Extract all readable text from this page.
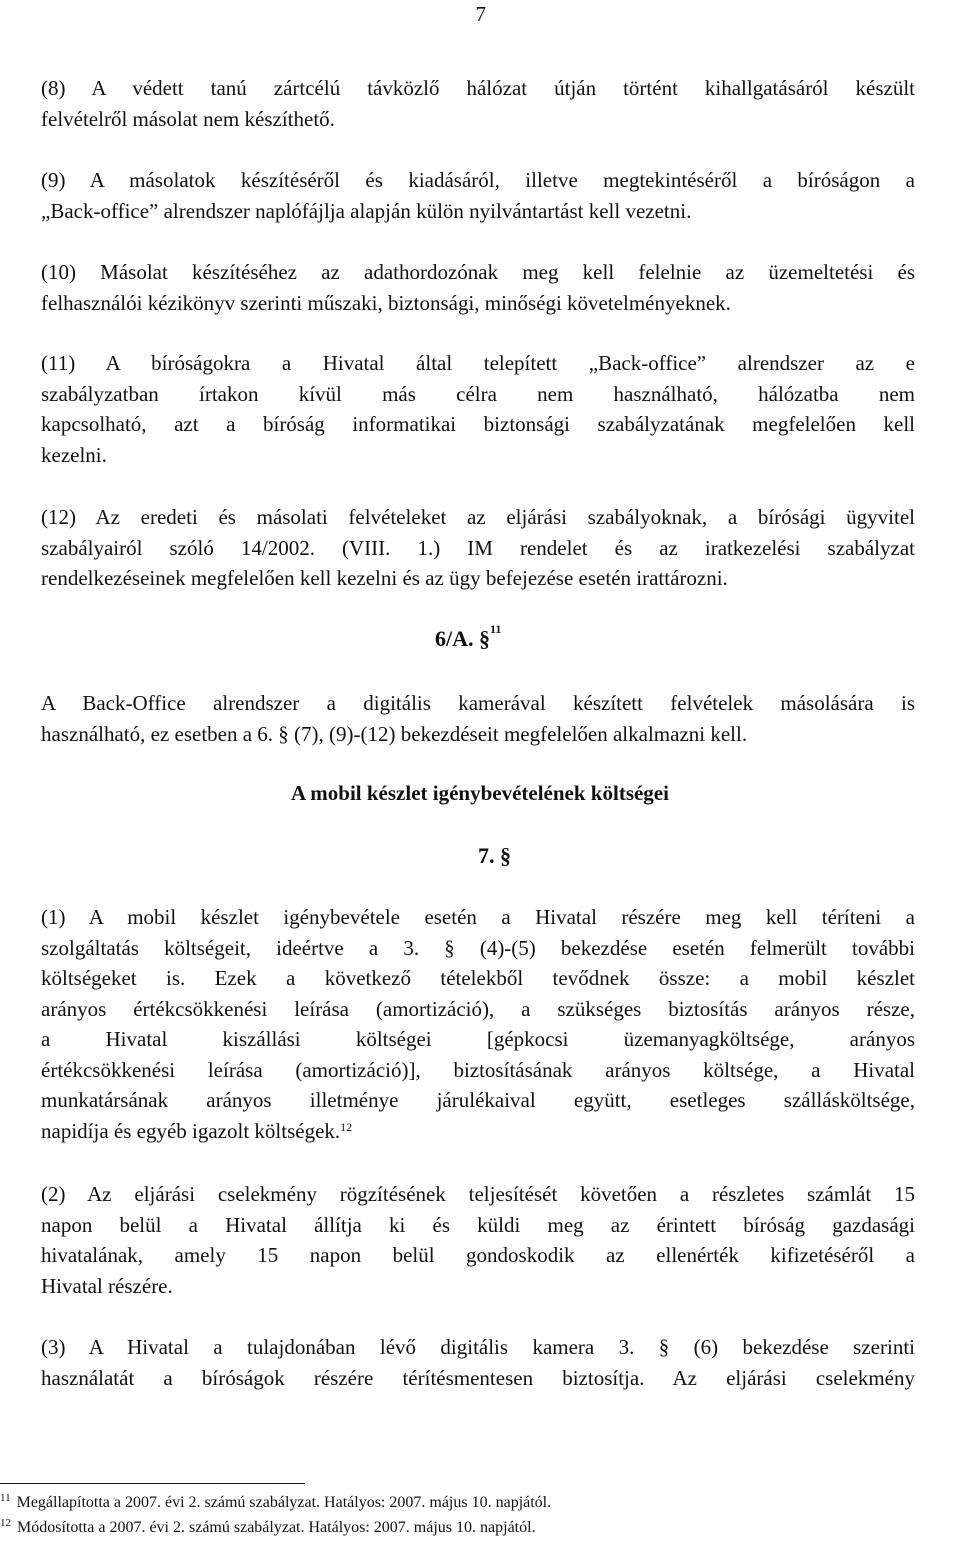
7
(8) A védett tanú zártcélú távközlő hálózat útján történt kihallgatásáról készült
felvételről másolat nem készíthető.
(9) A másolatok készítéséről és kiadásáról, illetve megtekintéséről a bíróságon a
„Back-office” alrendszer naplófájlja alapján külön nyilvántartást kell vezetni.
(10) Másolat készítéséhez az adathordozónak meg kell felelnie az üzemeltetési és
felhasználói kézikönyv szerinti műszaki, biztonsági, minőségi követelményeknek.
(11) A bíróságokra a Hivatal által telepített „Back-office” alrendszer az e
szabályzatban írtakon kívül más célra nem használható, hálózatba nem
kapcsolható, azt a bíróság informatikai biztonsági szabályzatának megfelelően kell
kezelni.
(12) Az eredeti és másolati felvételeket az eljárási szabályoknak, a bírósági ügyvitel
szabályairól szóló 14/2002. (VIII. 1.) IM rendelet és az iratkezelési szabályzat
rendelkezéseinek megfelelően kell kezelni és az ügy befejezése esetén irattározni.
6/A. §$^{11}$
A Back-Office alrendszer a digitális kamerával készített felvételek másolására is
használható, ez esetben a 6. § (7), (9)-(12) bekezdéseit megfelelően alkalmazni kell.
A mobil készlet igénybevételének költségei
7. §
(1) A mobil készlet igénybevétele esetén a Hivatal részére meg kell téríteni a
szolgáltatás költségeit, ideértve a 3. § (4)-(5) bekezdése esetén felmerült további
költségeket is. Ezek a következő tételekből tevődnek össze: a mobil készlet
arányos értékcsökkenési leírása (amortizáció), a szükséges biztosítás arányos része,
a Hivatal kiszállási költségei [gépkocsi üzemanyagköltsége, arányos
értékcsökkenési leírása (amortizáció)], biztosításának arányos költsége, a Hivatal
munkatársának arányos illetménye járulékaival együtt, esetleges szállásköltsége,
napidíja és egyéb igazolt költségek.$^{12}$
(2) Az eljárási cselekmény rögzítésének teljesítését követően a részletes számlát 15
napon belül a Hivatal állítja ki és küldi meg az érintett bíróság gazdasági
hivatalának, amely 15 napon belül gondoskodik az ellenérték kifizetéséről a
Hivatal részére.
(3) A Hivatal a tulajdonában lévő digitális kamera 3. § (6) bekezdése szerinti
használatát a bíróságok részére térítésmentesen biztosítja. Az eljárási cselekmény
$^{11}$ Megállapította a 2007. évi 2. számú szabályzat. Hatályos: 2007. május 10. napjától.
$^{12}$ Módosította a 2007. évi 2. számú szabályzat. Hatályos: 2007. május 10. napjától.
